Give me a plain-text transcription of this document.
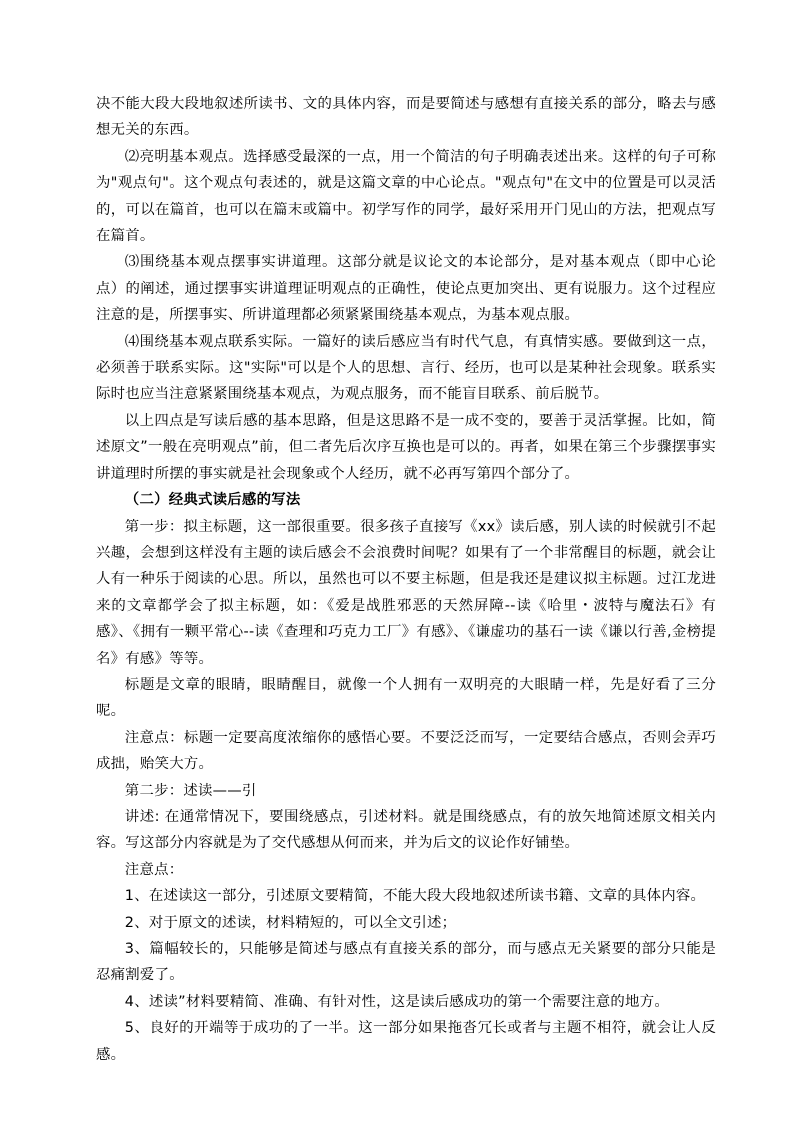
决不能大段大段地叙述所读书、文的具体内容，而是要简述与感想有直接关系的部分，略去与感想无关的东西。

⑵亮明基本观点。选择感受最深的一点，用一个简洁的句子明确表述出来。这样的句子可称为"观点句"。这个观点句表述的，就是这篇文章的中心论点。"观点句"在文中的位置是可以灵活的，可以在篇首，也可以在篇末或篇中。初学写作的同学，最好采用开门见山的方法，把观点写在篇首。

⑶围绕基本观点摆事实讲道理。这部分就是议论文的本论部分，是对基本观点（即中心论点）的阐述，通过摆事实讲道理证明观点的正确性，使论点更加突出、更有说服力。这个过程应注意的是，所摆事实、所讲道理都必须紧紧围绕基本观点，为基本观点服。

⑷围绕基本观点联系实际。一篇好的读后感应当有时代气息，有真情实感。要做到这一点，必须善于联系实际。这"实际"可以是个人的思想、言行、经历，也可以是某种社会现象。联系实际时也应当注意紧紧围绕基本观点，为观点服务，而不能盲目联系、前后脱节。

以上四点是写读后感的基本思路，但是这思路不是一成不变的，要善于灵活掌握。比如，简述原文”一般在亮明观点”前，但二者先后次序互换也是可以的。再者，如果在第三个步骤摆事实讲道理时所摆的事实就是社会现象或个人经历，就不必再写第四个部分了。

（二）经典式读后感的写法

第一步：拟主标题，这一部很重要。很多孩子直接写《xx》读后感，别人读的时候就引不起兴趣，会想到这样没有主题的读后感会不会浪费时间呢？如果有了一个非常醒目的标题，就会让人有一种乐于阅读的心思。所以，虽然也可以不要主标题，但是我还是建议拟主标题。过江龙进来的文章都学会了拟主标题，如：《爱是战胜邪恶的天然屏障--读《哈里・波特与魔法石》有感》、《拥有一颗平常心--读《查理和巧克力工厂》有感》、《谦虚功的基石一读《谦以行善,金榜提名》有感》等等。

标题是文章的眼睛，眼睛醒目，就像一个人拥有一双明亮的大眼睛一样，先是好看了三分呢。

注意点：标题一定要高度浓缩你的感悟心要。不要泛泛而写，一定要结合感点，否则会弄巧成拙，贻笑大方。

第二步：述读——引

讲述: 在通常情况下，要围绕感点，引述材料。就是围绕感点，有的放矢地简述原文相关内容。写这部分内容就是为了交代感想从何而来，并为后文的议论作好铺垫。

注意点：

1、在述读这一部分，引述原文要精简，不能大段大段地叙述所读书籍、文章的具体内容。

2、对于原文的述读，材料精短的，可以全文引述；

3、篇幅较长的，只能够是简述与感点有直接关系的部分，而与感点无关紧要的部分只能是忍痛割爱了。

4、述读”材料要精简、准确、有针对性，这是读后感成功的第一个需要注意的地方。

5、良好的开端等于成功的了一半。这一部分如果拖沓冗长或者与主题不相符，就会让人反感。
